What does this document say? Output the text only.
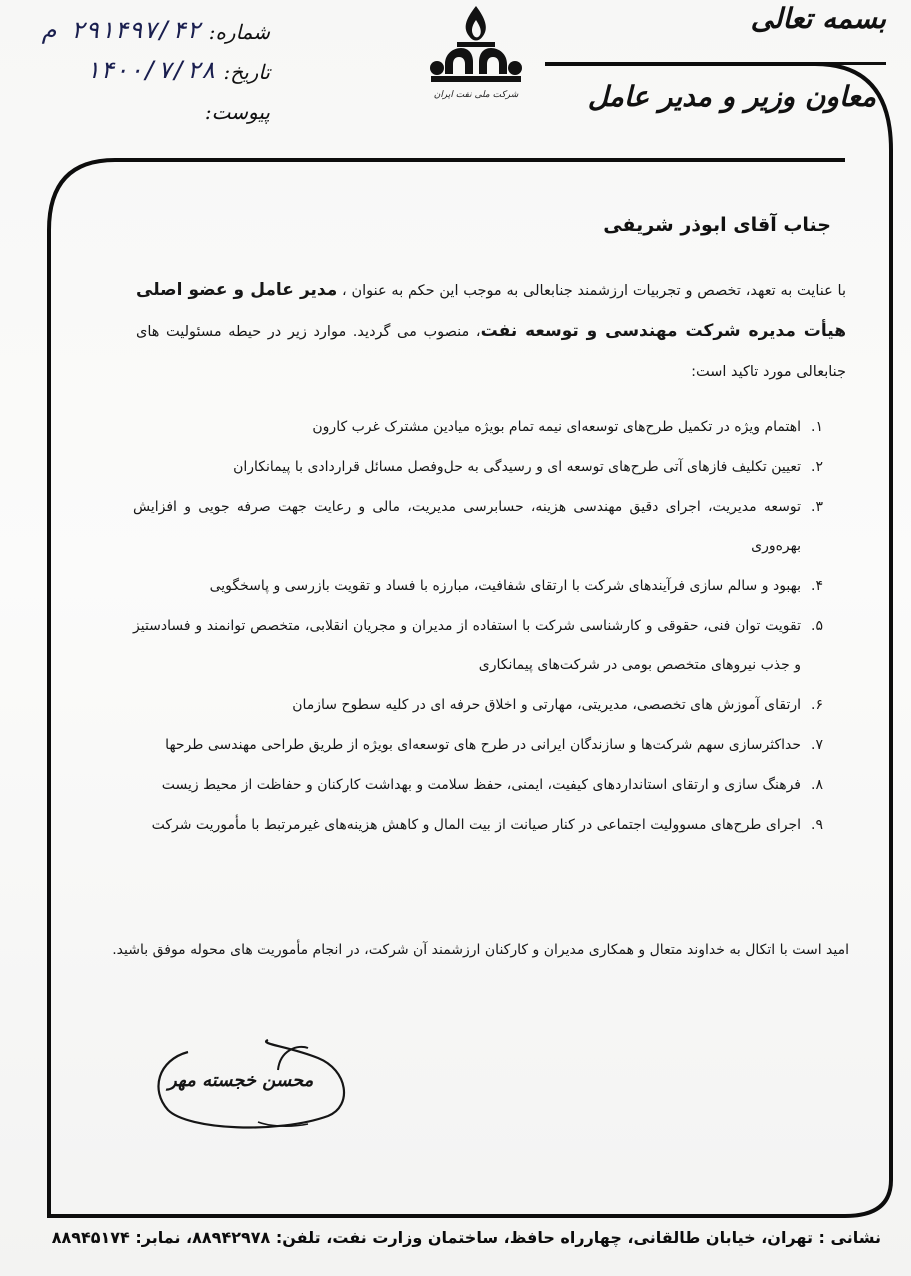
شماره:
۲۹۱۴۹۷/۴۲ م
تاریخ:
۱۴۰۰/۷/۲۸
پیوست:
شرکت ملی نفت ایران
بسمه تعالی
معاون وزیر و مدیر عامل
جناب آقای ابوذر شریفی
با عنایت به تعهد، تخصص و تجربیات ارزشمند جنابعالی به موجب این حکم به عنوان ، مدیر عامل و عضو اصلی هیأت مدیره شرکت مهندسی و توسعه نفت، منصوب می گردید. موارد زیر در حیطه مسئولیت های جنابعالی مورد تاکید است:
۱.
اهتمام ویژه در تکمیل طرح‌های توسعه‌ای نیمه تمام بویژه میادین مشترک غرب کارون
۲.
تعیین تکلیف فازهای آتی طرح‌های توسعه ای و رسیدگی به حل‌وفصل مسائل قراردادی با پیمانکاران
۳.
توسعه مدیریت، اجرای دقیق مهندسی هزینه، حسابرسی مدیریت، مالی و رعایت جهت صرفه جویی و افزایش بهره‌وری
۴.
بهبود و سالم سازی فرآیندهای شرکت با ارتقای شفافیت، مبارزه با فساد و تقویت بازرسی و پاسخگویی
۵.
تقویت توان فنی، حقوقی و کارشناسی شرکت با استفاده از مدیران و مجریان انقلابی، متخصص توانمند و فسادستیز و جذب نیروهای متخصص بومی در شرکت‌های پیمانکاری
۶.
ارتقای آموزش های تخصصی، مدیریتی، مهارتی و اخلاق حرفه ای در کلیه سطوح سازمان
۷.
حداکثرسازی سهم شرکت‌ها و سازندگان ایرانی در طرح های توسعه‌ای بویژه از طریق طراحی مهندسی طرحها
۸.
فرهنگ سازی و ارتقای استانداردهای کیفیت، ایمنی، حفظ سلامت و بهداشت کارکنان و حفاظت از محیط زیست
۹.
اجرای طرح‌های مسوولیت اجتماعی در کنار صیانت از بیت المال و کاهش هزینه‌های غیرمرتبط با مأموریت شرکت
امید است با اتکال به خداوند متعال و همکاری مدیران و کارکنان ارزشمند آن شرکت، در انجام مأموریت های محوله موفق باشید.
محسن خجسته مهر
نشانی : تهران، خیابان طالقانی، چهارراه حافظ، ساختمان وزارت نفت، تلفن: ۸۸۹۴۲۹۷۸، نمابر: ۸۸۹۴۵۱۷۴
